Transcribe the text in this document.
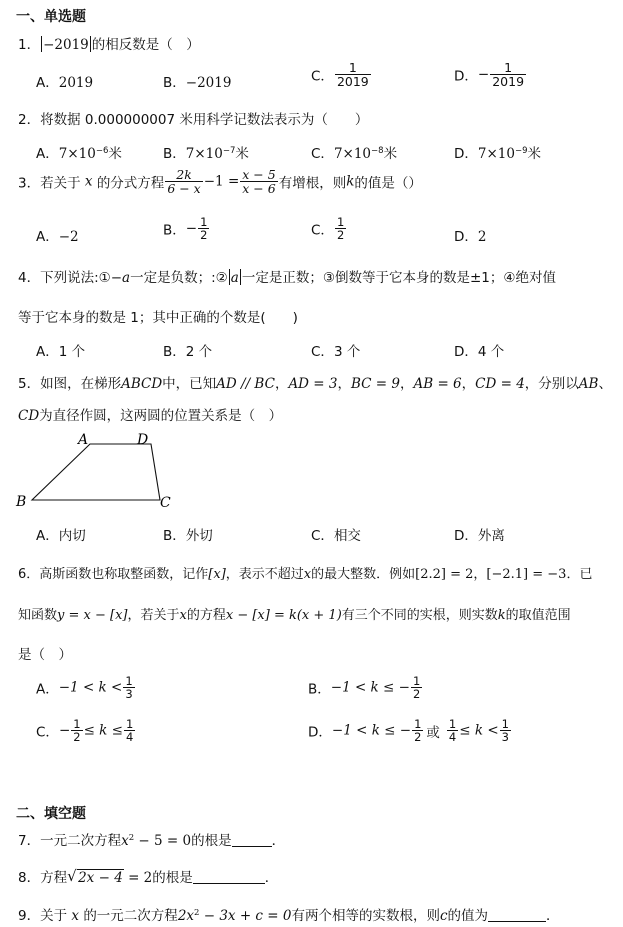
一、单选题
1． −2019 的相反数是（　）
A．2019	B．−2019	C． $\frac{1}{2019}$	D．− $\frac{1}{2019}$
2．将数据 0.000000007 米用科学记数法表示为（　　）
A．$7\times 10^{-6}$米	B．$7\times 10^{-7}$米	C．$7\times 10^{-8}$米	D．$7\times 10^{-9}$米
3．若关于 x 的分式方程 $\frac{2k}{6 - x} -1 = \frac{x - 5}{x - 6}$ 有增根，则k的值是（）
A．−2	B．− $\frac{1}{2}$	C． $\frac{1}{2}$	D．2
4．下列说法:①−a一定是负数；:② a 一定是正数；③倒数等于它本身的数是±1；④绝对值
等于它本身的数是 1；其中正确的个数是(　　)
A．1 个	B．2 个	C．3 个	D．4 个
5．如图，在梯形ABCD中，已知AD // BC，AD = 3，BC = 9，AB = 6，CD = 4，分别以AB、
CD为直径作圆，这两圆的位置关系是（　）
A	D
B	C
A．内切	B．外切	C．相交	D．外离
6．高斯函数也称取整函数，记作[x]，表示不超过x的最大整数．例如[2.2] = 2，[−2.1] = −3．已
知函数y = x − [x]，若关于x的方程x − [x] = k(x + 1)有三个不同的实根，则实数k的取值范围
是（　）
A．$-1 < k < \frac{1}{3}$	B．−1 < k ≤ − $\frac{1}{2}$
C．− $\frac{1}{2} \le k \le \frac{1}{4}$	D．−1 < k ≤ − $\frac{1}{2}$ 或 $\frac{1}{4} \le k < \frac{1}{3}$
二、填空题
7．一元二次方程$x^2 - 5 = 0$的根是	．
8．方程 √ 2x − 4 = 2的根是	．
9．关于 x 的一元二次方程$2x^2 - 3x + c = 0$有两个相等的实数根，则c的值为	．
